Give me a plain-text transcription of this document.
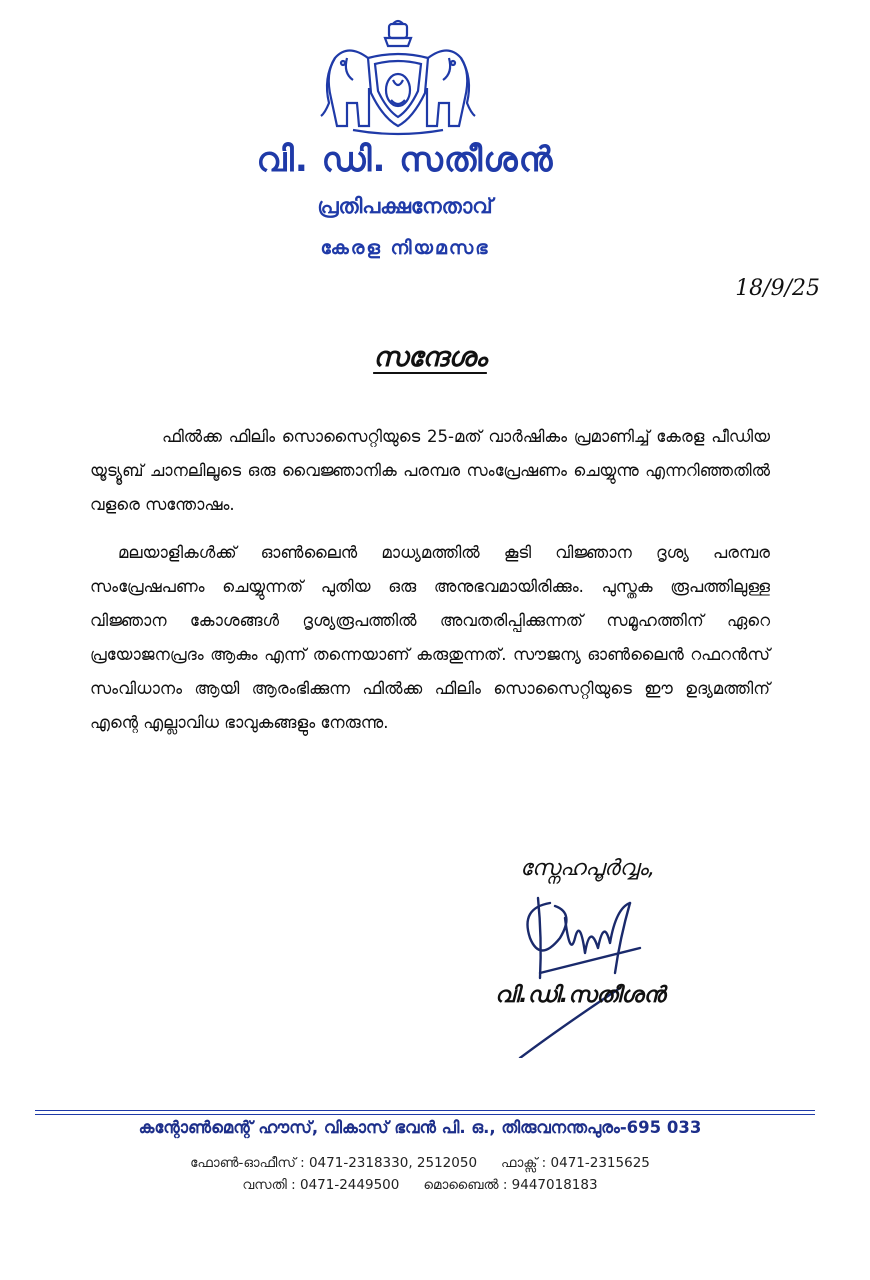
വി. ഡി. സതീശൻ
പ്രതിപക്ഷനേതാവ്
കേരള നിയമസഭ
18/9/25
സന്ദേശം

ഫിൽക്ക ഫിലിം സൊസൈറ്റിയുടെ 25-മത് വാർഷികം പ്രമാണിച്ച് കേരള പീഡിയ യൂട്യൂബ് ചാനലിലൂടെ ഒരു വൈജ്ഞാനിക പരമ്പര സംപ്രേഷണം ചെയ്യുന്നു എന്നറിഞ്ഞതിൽ വളരെ സന്തോഷം.

മലയാളികൾക്ക് ഓൺലൈൻ മാധ്യമത്തിൽ കൂടി വിജ്ഞാന ദൃശ്യ പരമ്പര സംപ്രേഷപണം ചെയ്യുന്നത് പുതിയ ഒരു അനുഭവമായിരിക്കും. പുസ്തക രൂപത്തിലുള്ള വിജ്ഞാന കോശങ്ങൾ ദൃശ്യരൂപത്തിൽ അവതരിപ്പിക്കുന്നത് സമൂഹത്തിന് ഏറെ പ്രയോജനപ്രദം ആകും എന്ന് തന്നെയാണ് കരുതുന്നത്. സൗജന്യ ഓൺലൈൻ റഫറൻസ് സംവിധാനം ആയി ആരംഭിക്കുന്ന ഫിൽക്ക ഫിലിം സൊസൈറ്റിയുടെ ഈ ഉദ്യമത്തിന് എന്റെ എല്ലാവിധ ഭാവുകങ്ങളും നേരുന്നു.

സ്നേഹപൂർവ്വം,
വി.ഡി.സതീശൻ
കന്റോൺമെന്റ് ഹൗസ്, വികാസ് ഭവൻ പി. ഒ., തിരുവനന്തപുരം-695 033
ഫോൺ-ഓഫീസ് : 0471-2318330, 2512050 ഫാക്സ് : 0471-2315625
വസതി : 0471-2449500 മൊബൈൽ : 9447018183
